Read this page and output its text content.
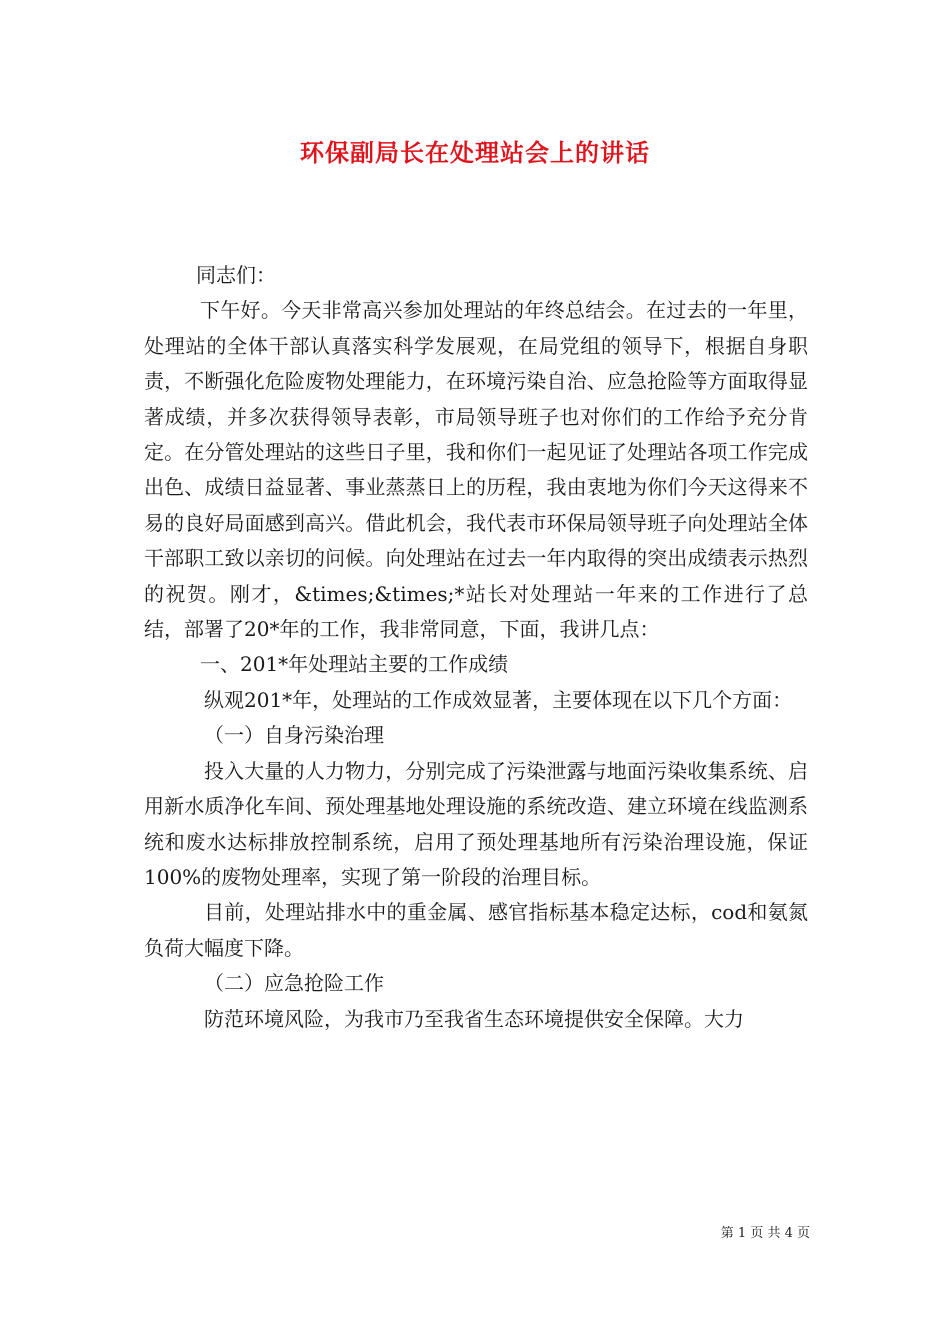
环保副局长在处理站会上的讲话

同志们：

下午好。今天非常高兴参加处理站的年终总结会。在过去的一年里，处理站的全体干部认真落实科学发展观，在局党组的领导下，根据自身职责，不断强化危险废物处理能力，在环境污染自治、应急抢险等方面取得显著成绩，并多次获得领导表彰，市局领导班子也对你们的工作给予充分肯定。在分管处理站的这些日子里，我和你们一起见证了处理站各项工作完成出色、成绩日益显著、事业蒸蒸日上的历程，我由衷地为你们今天这得来不易的良好局面感到高兴。借此机会，我代表市环保局领导班子向处理站全体干部职工致以亲切的问候。向处理站在过去一年内取得的突出成绩表示热烈的祝贺。刚才，&times;&times;*站长对处理站一年来的工作进行了总结，部署了20*年的工作，我非常同意，下面，我讲几点：

一、201*年处理站主要的工作成绩

纵观201*年，处理站的工作成效显著，主要体现在以下几个方面：

（一）自身污染治理

投入大量的人力物力，分别完成了污染泄露与地面污染收集系统、启用新水质净化车间、预处理基地处理设施的系统改造、建立环境在线监测系统和废水达标排放控制系统，启用了预处理基地所有污染治理设施，保证100%的废物处理率，实现了第一阶段的治理目标。

目前，处理站排水中的重金属、感官指标基本稳定达标，cod和氨氮负荷大幅度下降。

（二）应急抢险工作

防范环境风险，为我市乃至我省生态环境提供安全保障。大力

第 1 页 共 4 页
